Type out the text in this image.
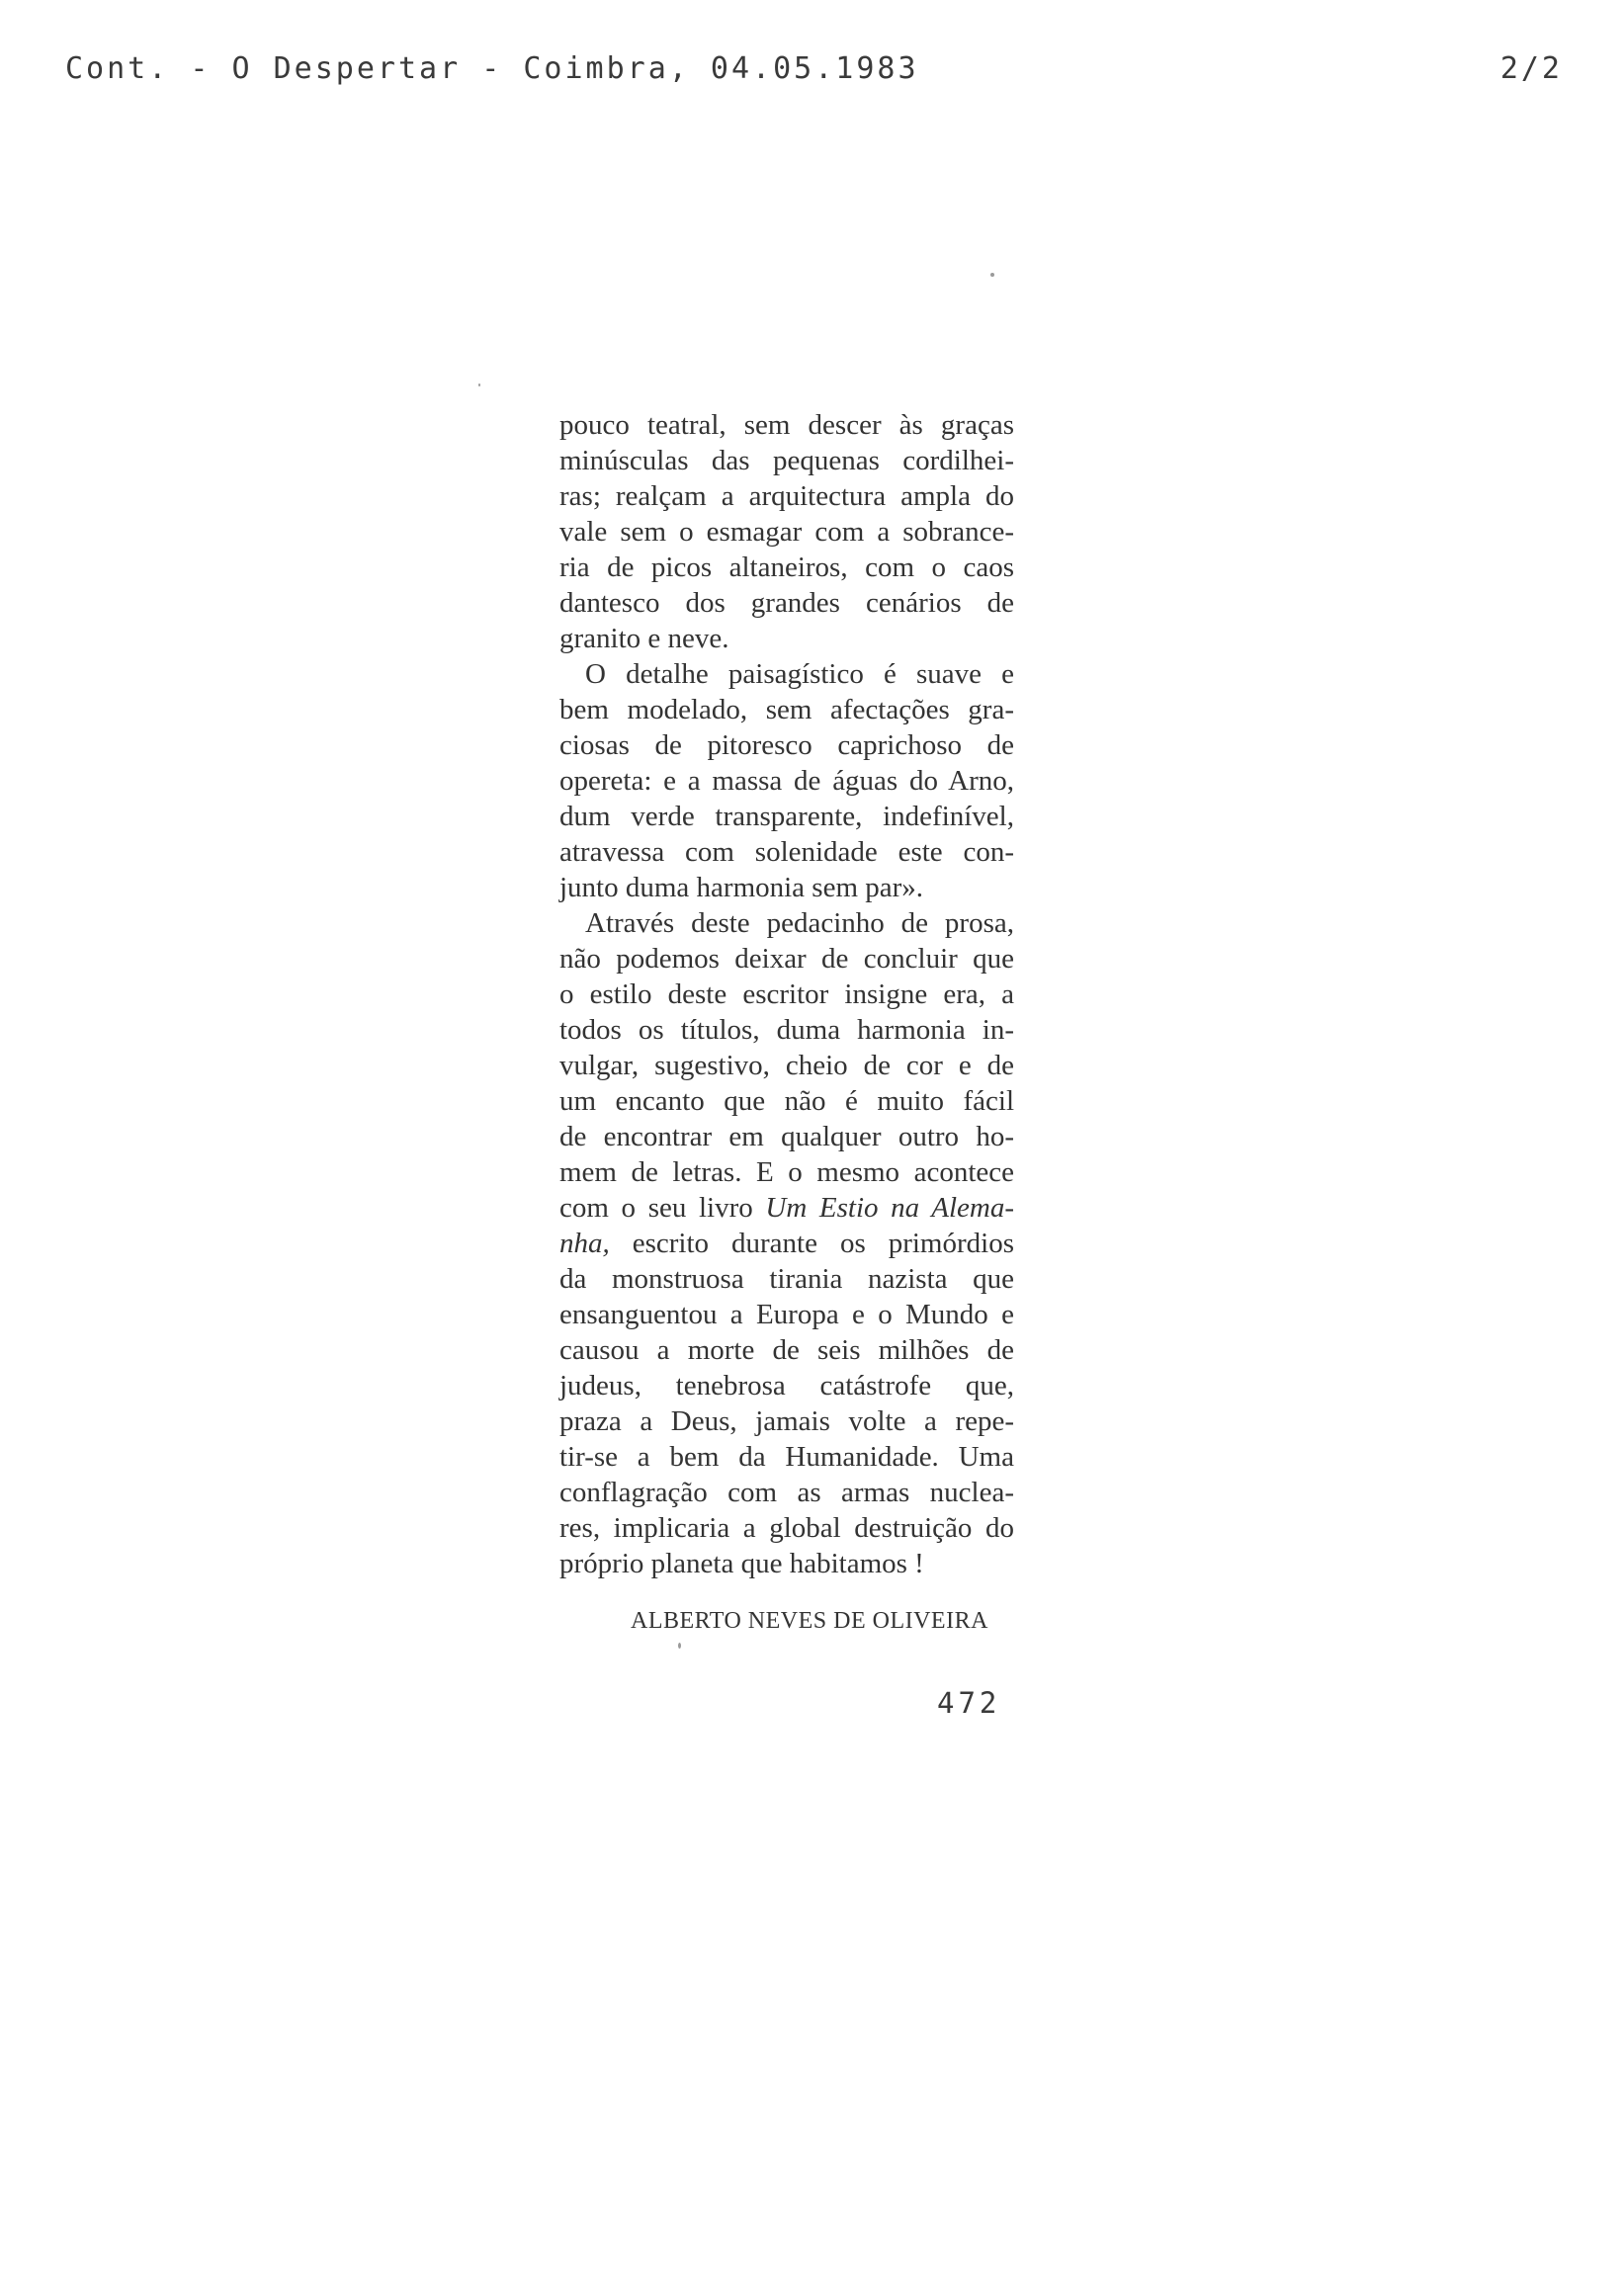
Cont. - O Despertar - Coimbra, 04.05.1983	2/2
pouco teatral, sem descer às graças
minúsculas das pequenas cordilhei-
ras; realçam a arquitectura ampla do
vale sem o esmagar com a sobrance-
ria de picos altaneiros, com o caos
dantesco dos grandes cenários de
granito e neve.
O detalhe paisagístico é suave e
bem modelado, sem afectações gra-
ciosas de pitoresco caprichoso de
opereta: e a massa de águas do Arno,
dum verde transparente, indefinível,
atravessa com solenidade este con-
junto duma harmonia sem par».
Através deste pedacinho de prosa,
não podemos deixar de concluir que
o estilo deste escritor insigne era, a
todos os títulos, duma harmonia in-
vulgar, sugestivo, cheio de cor e de
um encanto que não é muito fácil
de encontrar em qualquer outro ho-
mem de letras. E o mesmo acontece
com o seu livro Um Estio na Alema-
nha, escrito durante os primórdios
da monstruosa tirania nazista que
ensanguentou a Europa e o Mundo e
causou a morte de seis milhões de
judeus, tenebrosa catástrofe que,
praza a Deus, jamais volte a repe-
tir-se a bem da Humanidade. Uma
conflagração com as armas nuclea-
res, implicaria a global destruição do
próprio planeta que habitamos !
ALBERTO NEVES DE OLIVEIRA
472
